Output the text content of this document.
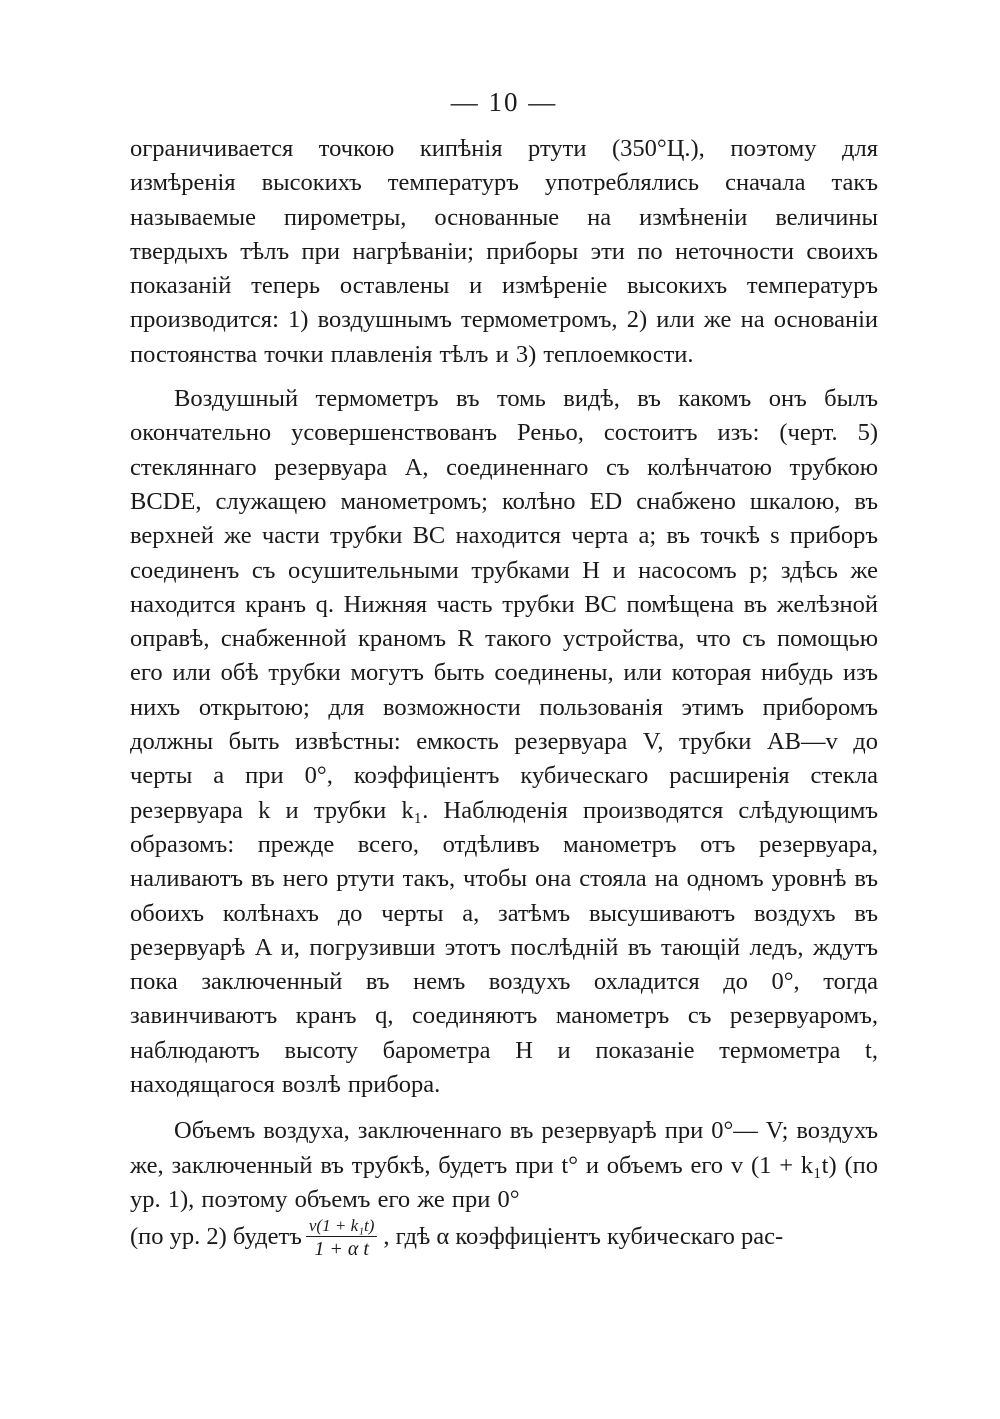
— 10 —

ограничивается точкою кипѣнія ртути (350°Ц.), поэтому для измѣренія высокихъ температуръ употреблялись сначала такъ называемые пирометры, основанные на измѣненіи величины твердыхъ тѣлъ при нагрѣваніи; приборы эти по неточности своихъ показаній теперь оставлены и измѣреніе высокихъ температуръ производится: 1) воздушнымъ термометромъ, 2) или же на основаніи постоянства точки плавленія тѣлъ и 3) теплоемкости.

Воздушный термометръ въ томь видѣ, въ какомъ онъ былъ окончательно усовершенствованъ Реньо, состоитъ изъ: (черт. 5) стекляннаго резервуара A, соединеннаго съ колѣнчатою трубкою BCDE, служащею манометромъ; колѣно ED снабжено шкалою, въ верхней же части трубки BC находится черта a; въ точкѣ s приборъ соединенъ съ осушительными трубками H и насосомъ p; здѣсь же находится кранъ q. Нижняя часть трубки BC помѣщена въ желѣзной оправѣ, снабженной краномъ R такого устройства, что съ помощью его или обѣ трубки могутъ быть соединены, или которая нибудь изъ нихъ открытою; для возможности пользованія этимъ приборомъ должны быть извѣстны: емкость резервуара V, трубки AB—v до черты a при 0°, коэффиціентъ кубическаго расширенія стекла резервуара k и трубки k₁. Наблюденія производятся слѣдующимъ образомъ: прежде всего, отдѣливъ манометръ отъ резервуара, наливаютъ въ него ртути такъ, чтобы она стояла на одномъ уровнѣ въ обоихъ колѣнахъ до черты a, затѣмъ высушиваютъ воздухъ въ резервуарѣ A и, погрузивши этотъ послѣдній въ тающій ледъ, ждутъ пока заключенный въ немъ воздухъ охладится до 0°, тогда завинчиваютъ кранъ q, соединяютъ манометръ съ резервуаромъ, наблюдаютъ высоту барометра H и показаніе термометра t, находящагося возлѣ прибора.

Объемъ воздуха, заключеннаго въ резервуарѣ при 0°— V; воздухъ же, заключенный въ трубкѣ, будетъ при t° и объемъ его v (1 + k₁t) (по ур. 1), поэтому объемъ его же при 0°

(по ур. 2) будетъ $\frac{\text{v(1 + k₁t)}}{\text{1 + α t}}$ , гдѣ α коэффиціентъ кубическаго рас-
